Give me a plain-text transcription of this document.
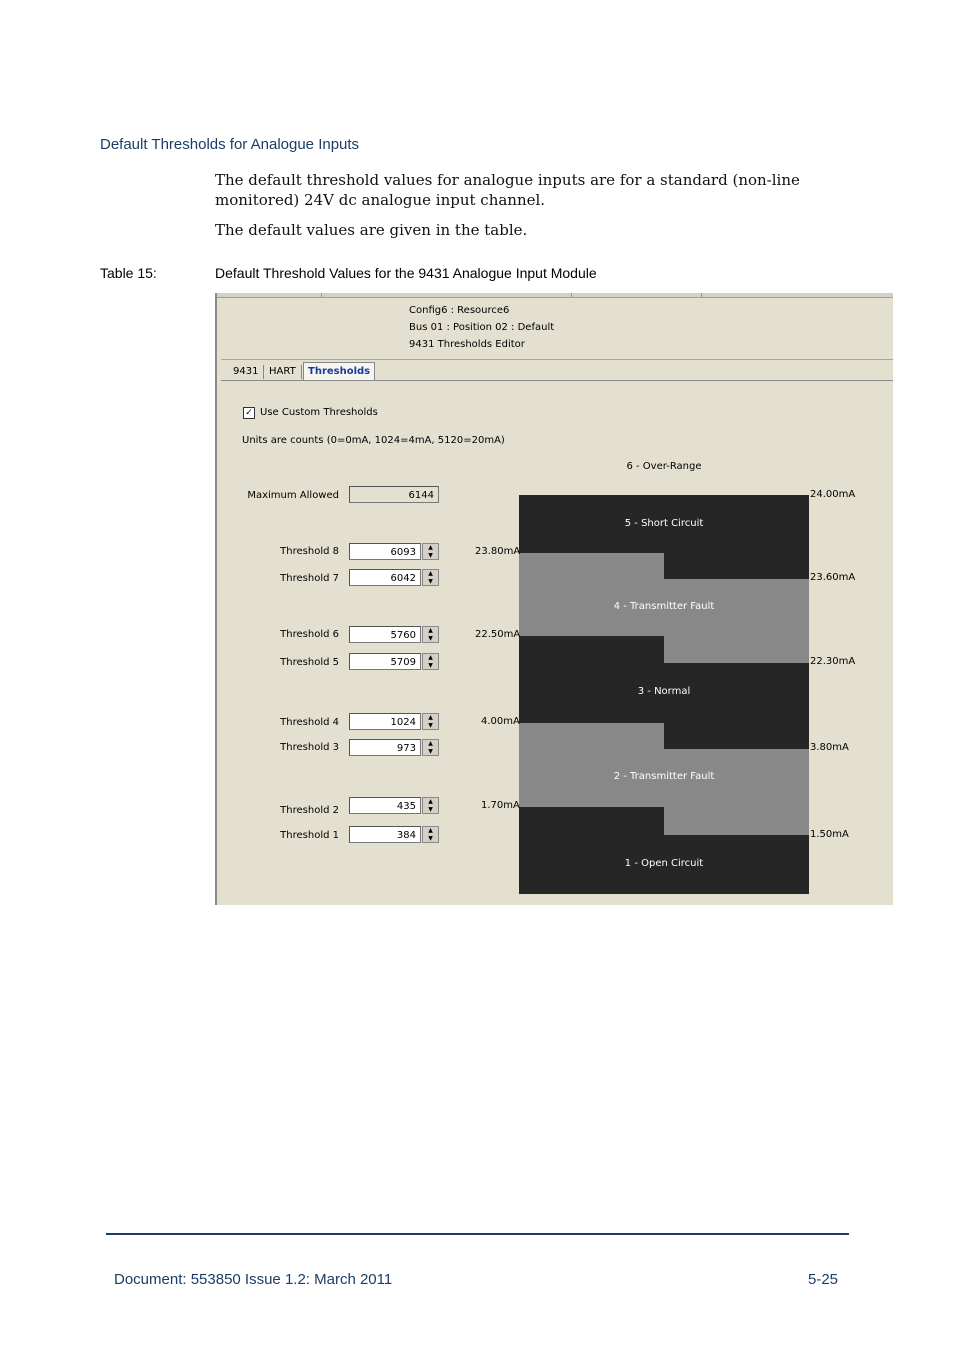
Default Thresholds for Analogue Inputs
The default threshold values for analogue inputs are for a standard (non-line monitored) 24V dc analogue input channel.
The default values are given in the table.
Table 15:	Default Threshold Values for the 9431 Analogue Input Module
Config6 : Resource6
Bus 01 : Position 02 : Default
9431 Thresholds Editor
9431	HART	Thresholds
✓ Use Custom Thresholds
Units are counts (0=0mA, 1024=4mA, 5120=20mA)
Maximum Allowed	6144
Threshold 8	6093	▲
▼
Threshold 7	6042	▲
▼
Threshold 6	5760	▲
▼
Threshold 5	5709	▲
▼
Threshold 4	1024	▲
▼
Threshold 3	973	▲
▼
Threshold 2	435	▲
▼
Threshold 1	384	▲
▼
6 - Over-Range
5 - Short Circuit
4 - Transmitter Fault
3 - Normal
2 - Transmitter Fault
1 - Open Circuit
23.80mA
22.50mA
4.00mA
1.70mA
24.00mA
23.60mA
22.30mA
3.80mA
1.50mA
Document: 553850 Issue 1.2: March 2011	5-25
